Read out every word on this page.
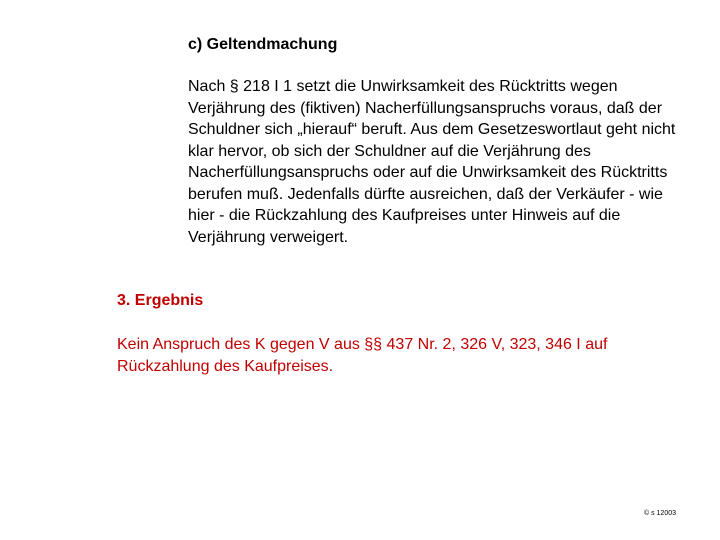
c) Geltendmachung

Nach § 218 I 1 setzt die Unwirksamkeit des Rücktritts wegen Verjährung des (fiktiven) Nacherfüllungsanspruchs voraus, daß der Schuldner sich „hierauf“ beruft. Aus dem Gesetzeswortlaut geht nicht klar hervor, ob sich der Schuldner auf die Verjährung des Nacherfüllungsanspruchs oder auf die Unwirksamkeit des Rücktritts berufen muß. Jedenfalls dürfte ausreichen, daß der Verkäufer - wie hier - die Rückzahlung des Kaufpreises unter Hinweis auf die Verjährung verweigert.

3. Ergebnis

Kein Anspruch des K gegen V aus §§ 437 Nr. 2, 326 V, 323, 346 I auf Rückzahlung des Kaufpreises.

© s 12003
